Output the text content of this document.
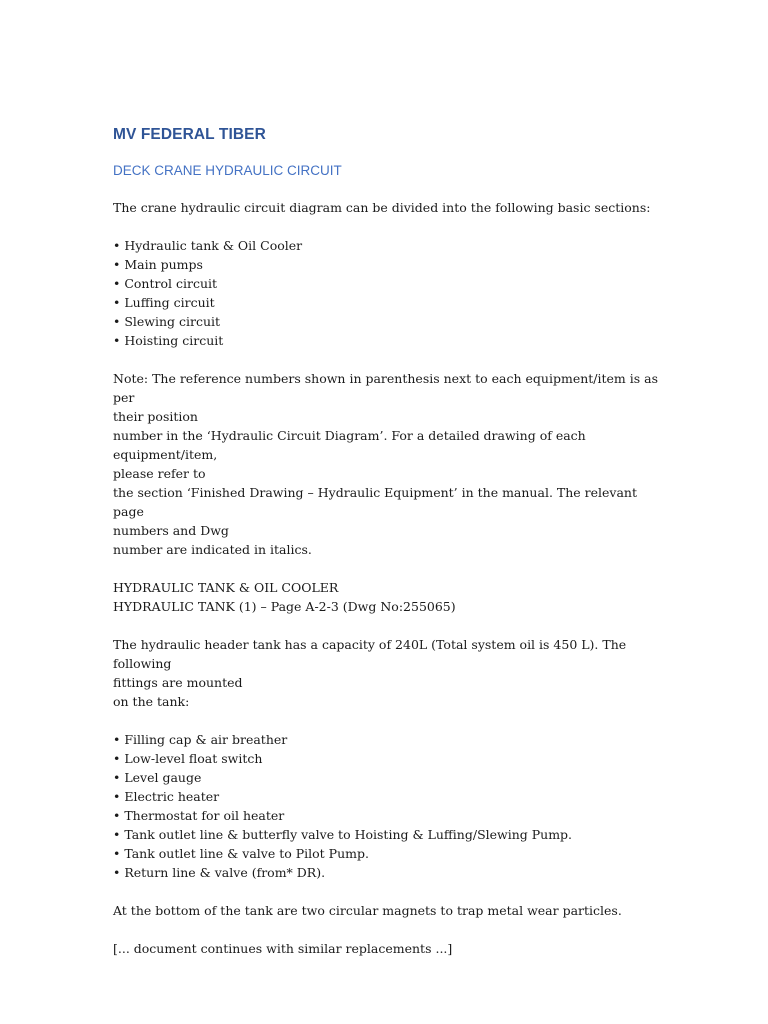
MV FEDERAL TIBER
DECK CRANE HYDRAULIC CIRCUIT

The crane hydraulic circuit diagram can be divided into the following basic sections:

• Hydraulic tank & Oil Cooler
• Main pumps
• Control circuit
• Luffing circuit
• Slewing circuit
• Hoisting circuit
Note: The reference numbers shown in parenthesis next to each equipment/item is as per
their position
number in the ‘Hydraulic Circuit Diagram’. For a detailed drawing of each equipment/item,
please refer to
the section ‘Finished Drawing – Hydraulic Equipment’ in the manual. The relevant page
numbers and Dwg
number are indicated in italics.
HYDRAULIC TANK & OIL COOLER
HYDRAULIC TANK (1) – Page A-2-3 (Dwg No:255065)
The hydraulic header tank has a capacity of 240L (Total system oil is 450 L). The following
fittings are mounted
on the tank:
• Filling cap & air breather
• Low-level float switch
• Level gauge
• Electric heater
• Thermostat for oil heater
• Tank outlet line & butterfly valve to Hoisting & Luffing/Slewing Pump.
• Tank outlet line & valve to Pilot Pump.
• Return line & valve (from* DR).

At the bottom of the tank are two circular magnets to trap metal wear particles.

[... document continues with similar replacements ...]
